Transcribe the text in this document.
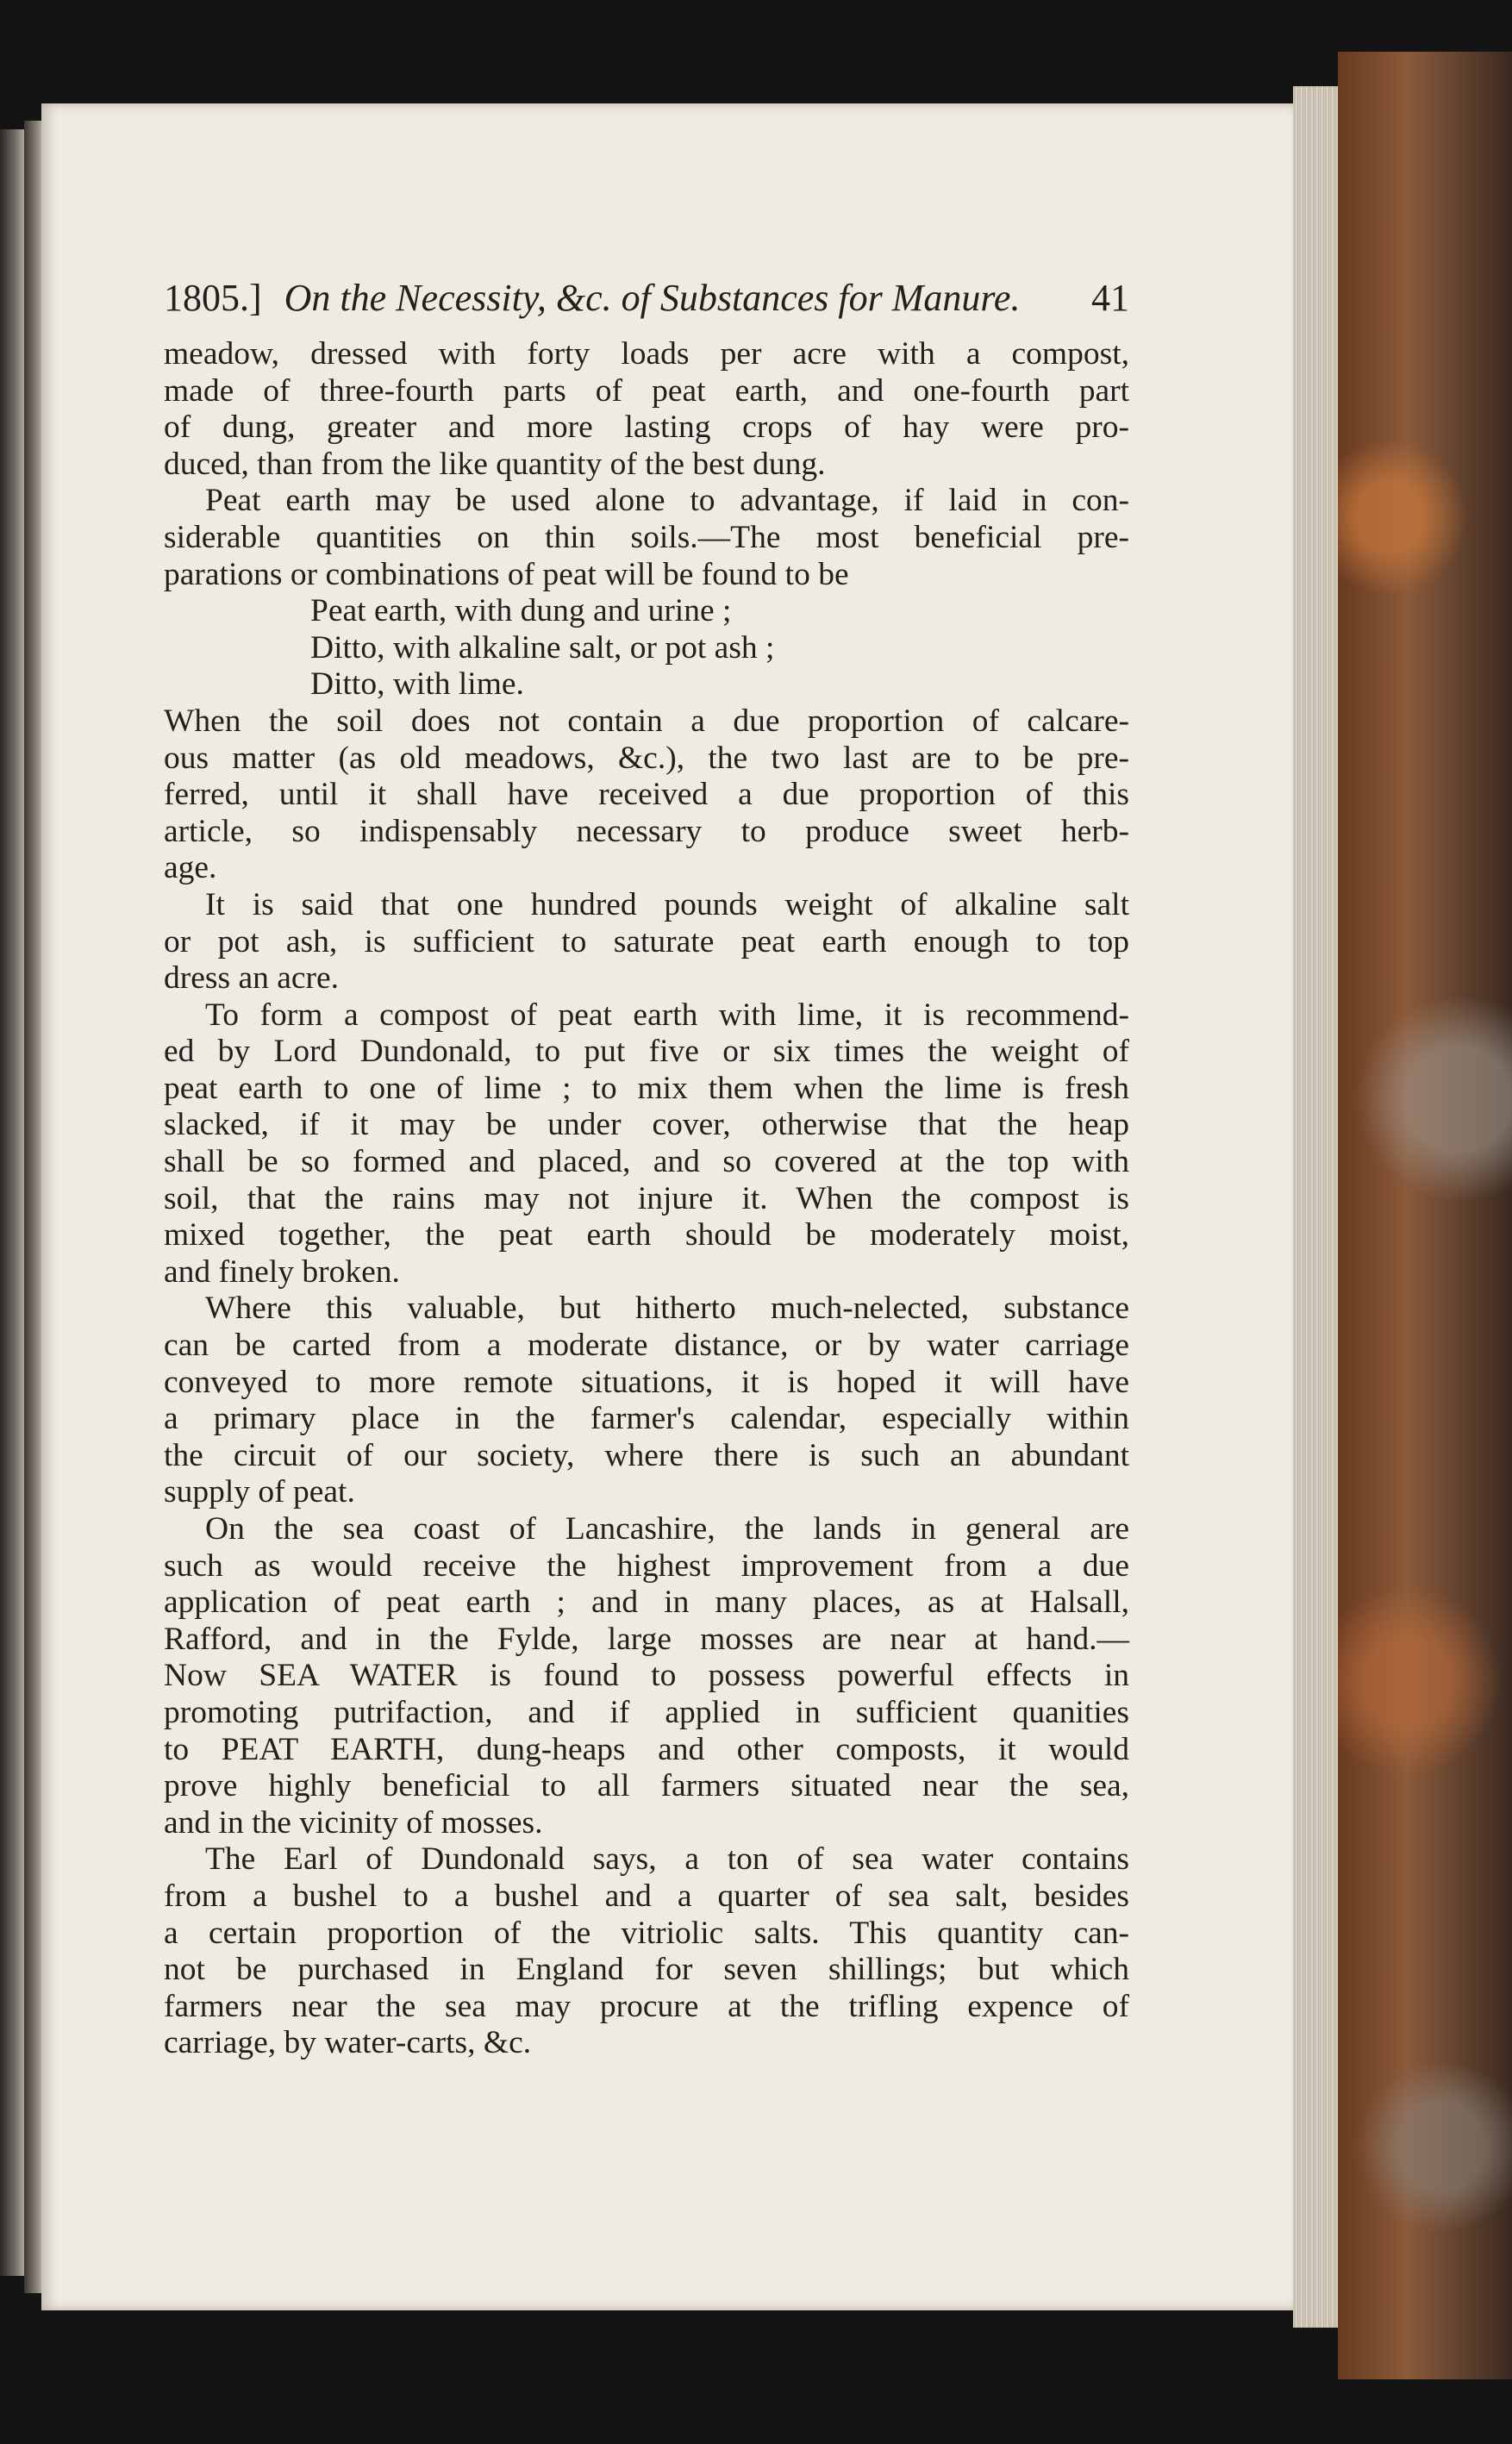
1805.] On the Necessity, &c. of Substances for Manure.	41
meadow, dressed with forty loads per acre with a compost,
made of three-fourth parts of peat earth, and one-fourth part
of dung, greater and more lasting crops of hay were pro-
duced, than from the like quantity of the best dung.
Peat earth may be used alone to advantage, if laid in con-
siderable quantities on thin soils.—The most beneficial pre-
parations or combinations of peat will be found to be
Peat earth, with dung and urine ;
Ditto, with alkaline salt, or pot ash ;
Ditto, with lime.
When the soil does not contain a due proportion of calcare-
ous matter (as old meadows, &c.), the two last are to be pre-
ferred, until it shall have received a due proportion of this
article, so indispensably necessary to produce sweet herb-
age.
It is said that one hundred pounds weight of alkaline salt
or pot ash, is sufficient to saturate peat earth enough to top
dress an acre.
To form a compost of peat earth with lime, it is recommend-
ed by Lord Dundonald, to put five or six times the weight of
peat earth to one of lime ; to mix them when the lime is fresh
slacked, if it may be under cover, otherwise that the heap
shall be so formed and placed, and so covered at the top with
soil, that the rains may not injure it. When the compost is
mixed together, the peat earth should be moderately moist,
and finely broken.
Where this valuable, but hitherto much-nelected, substance
can be carted from a moderate distance, or by water carriage
conveyed to more remote situations, it is hoped it will have
a primary place in the farmer's calendar, especially within
the circuit of our society, where there is such an abundant
supply of peat.
On the sea coast of Lancashire, the lands in general are
such as would receive the highest improvement from a due
application of peat earth ; and in many places, as at Halsall,
Rafford, and in the Fylde, large mosses are near at hand.—
Now SEA WATER is found to possess powerful effects in
promoting putrifaction, and if applied in sufficient quanities
to PEAT EARTH, dung-heaps and other composts, it would
prove highly beneficial to all farmers situated near the sea,
and in the vicinity of mosses.
The Earl of Dundonald says, a ton of sea water contains
from a bushel to a bushel and a quarter of sea salt, besides
a certain proportion of the vitriolic salts. This quantity can-
not be purchased in England for seven shillings; but which
farmers near the sea may procure at the trifling expence of
carriage, by water-carts, &c.
